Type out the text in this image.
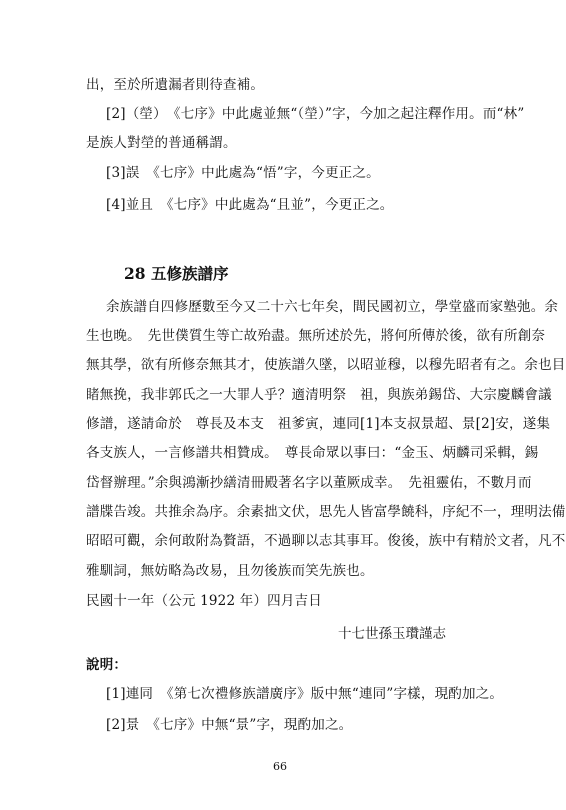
出，至於所遺漏者則待查補。
[2]（塋）　《七序》中此處並無“（塋）”字，今加之起注釋作用。而“林”
是族人對塋的普通稱謂。
[3]誤　《七序》中此處為“悟”字，今更正之。
[4]並且　《七序》中此處為“且並”，今更正之。
28 五修族譜序
余族譜自四修歷數至今又二十六七年矣，間民國初立，學堂盛而家塾弛。余
生也晚。　先世僕質生等亡故殆盡。無所述於先，將何所傳於後，欲有所創奈
無其學，欲有所修奈無其才，使族譜久墜，以昭並穆，以穆先昭者有之。余也目
睹無挽，我非郭氏之一大罪人乎？適清明祭　祖，與族弟錫岱、大宗慶麟會議
修譜，遂請命於　尊長及本支　祖爹寅，連同[1]本支叔景超、景[2]安，遂集
各支族人，一言修譜共相贊成。　尊長命眾以事曰：“金玉、炳麟司采輯，錫
岱督辦理。”余與鴻漸抄繕清冊殿著名字以董厥成幸。　先祖靈佑，不數月而
譜牒告竣。共推余為序。余素拙文伏，思先人皆富學饒科，序紀不一，理明法備
昭昭可觀，余何敢附為贅語，不過聊以志其事耳。俊後，族中有精於文者，凡不
雅馴詞，無妨略為改易，且勿後族而笑先族也。
民國十一年（公元 1922 年）四月吉日
十七世孫玉瓚謹志
說明：
[1]連同　《第七次禮修族譜廣序》版中無“連同”字樣，現酌加之。
[2]景　《七序》中無“景”字，現酌加之。
66
